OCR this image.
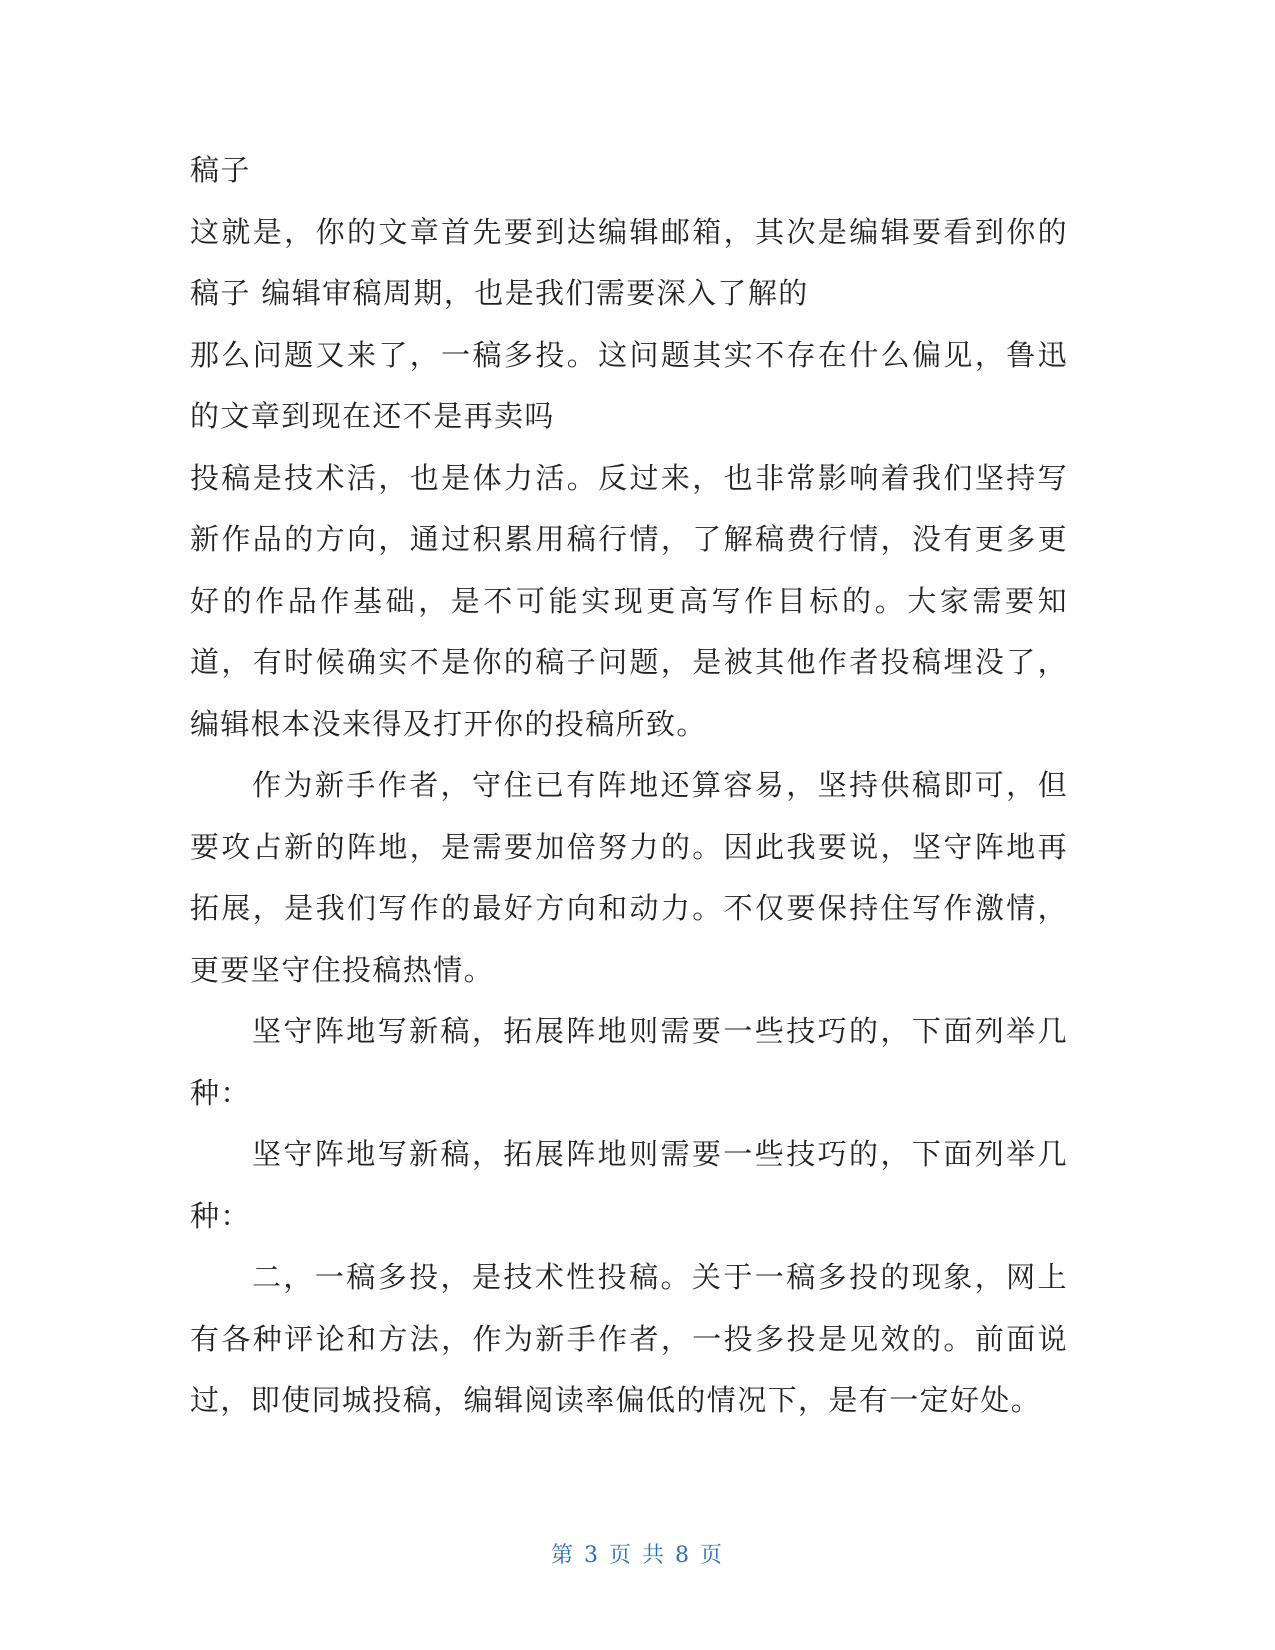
稿子

这就是，你的文章首先要到达编辑邮箱，其次是编辑要看到你的稿子 编辑审稿周期，也是我们需要深入了解的

那么问题又来了，一稿多投。这问题其实不存在什么偏见，鲁迅的文章到现在还不是再卖吗

投稿是技术活，也是体力活。反过来，也非常影响着我们坚持写新作品的方向，通过积累用稿行情，了解稿费行情，没有更多更好的作品作基础，是不可能实现更高写作目标的。大家需要知道，有时候确实不是你的稿子问题，是被其他作者投稿埋没了，编辑根本没来得及打开你的投稿所致。

作为新手作者，守住已有阵地还算容易，坚持供稿即可，但要攻占新的阵地，是需要加倍努力的。因此我要说，坚守阵地再拓展，是我们写作的最好方向和动力。不仅要保持住写作激情，更要坚守住投稿热情。

坚守阵地写新稿，拓展阵地则需要一些技巧的，下面列举几种：

坚守阵地写新稿，拓展阵地则需要一些技巧的，下面列举几种：

二，一稿多投，是技术性投稿。关于一稿多投的现象，网上有各种评论和方法，作为新手作者，一投多投是见效的。前面说过，即使同城投稿，编辑阅读率偏低的情况下，是有一定好处。

第 3 页 共 8 页
